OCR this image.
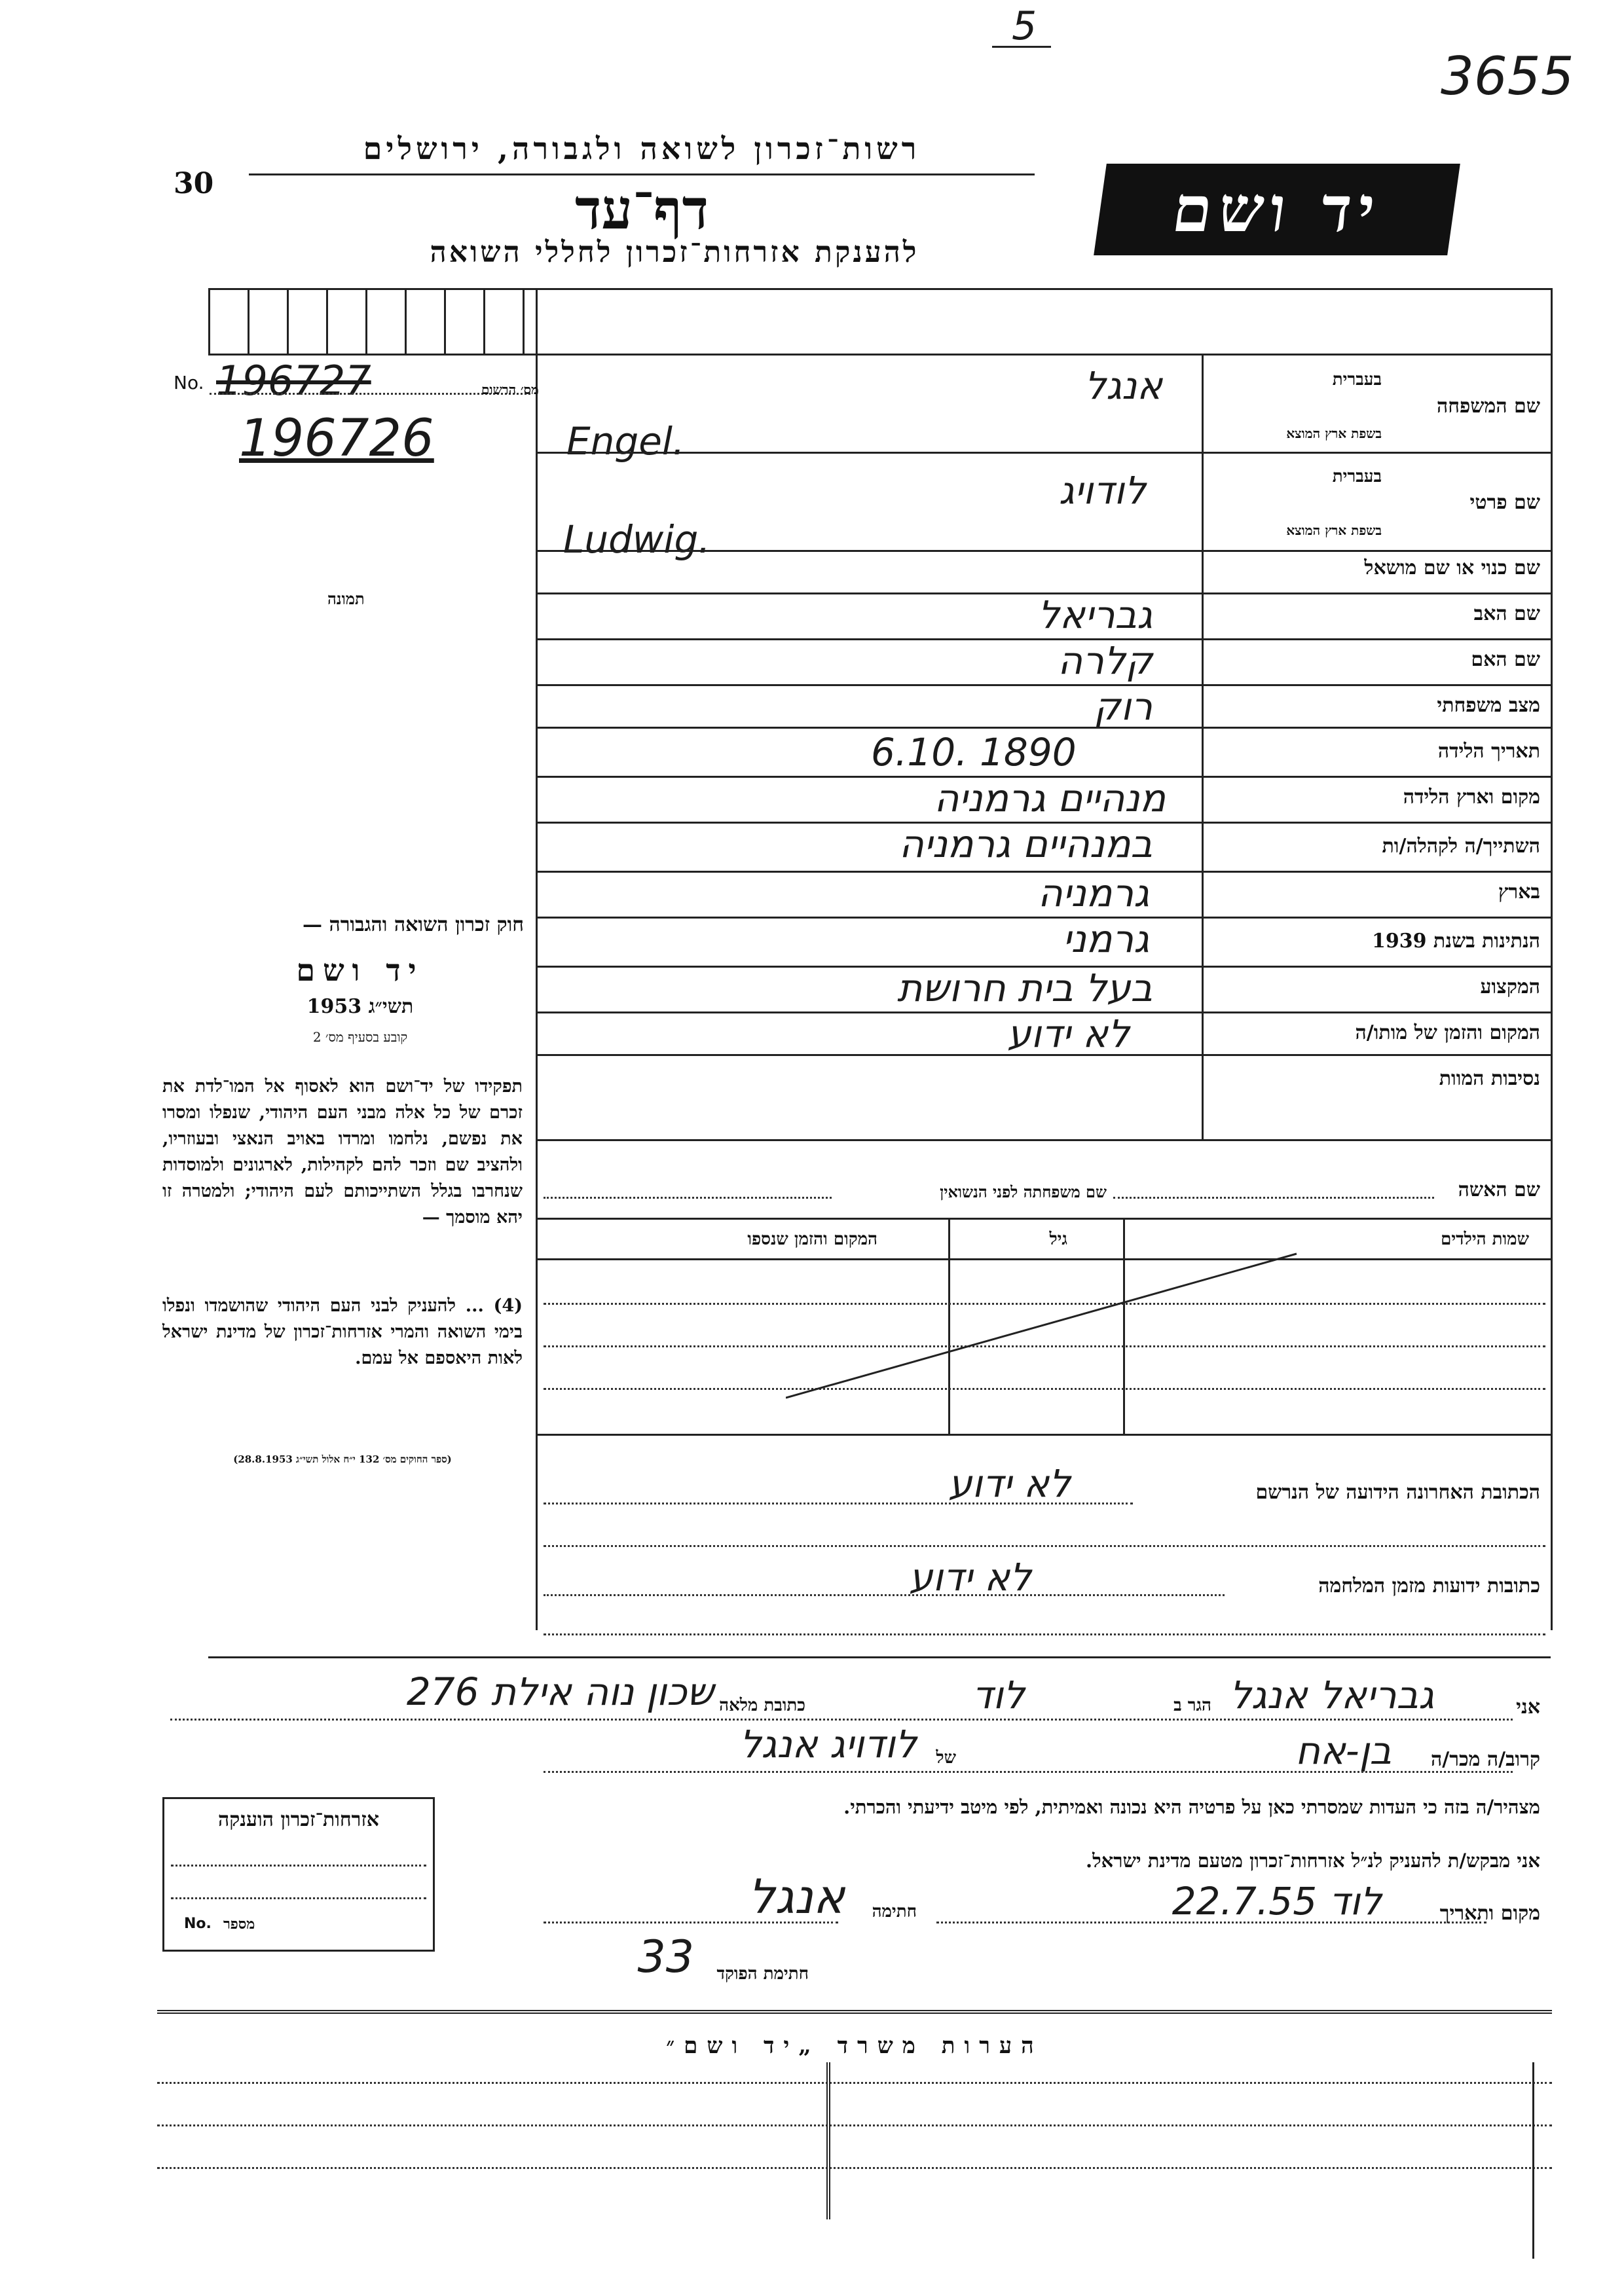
5
3655
רשות־זכרון לשואה ולגבורה, ירושלים
30	דף־עד
להענקת אזרחות־זכרון לחללי השואה
יד ושם
No. 196727	מס׳ הרשום
196726
תמונה
שם המשפחה
בעברית
בשפת ארץ המוצא
אנגל
Engel.
שם פרטי
בעברית
בשפת ארץ המוצא
לודויג
Ludwig.
שם כנוי או שם מושאל
שם האב
גבריאל
שם האם
קלרה
מצב משפחתי
רוק
תאריך הלידה
6.10. 1890
מקום וארץ הלידה
מנהיים גרמניה
השתייך/ה לקהלה/ות
במנהיים גרמניה
בארץ
גרמניה
הנתינות בשנת 1939
גרמני
המקצוע
בעל בית חרושת
המקום והזמן של מותו/ה
לא ידוע
נסיבות המוות
חוק זכרון השואה והגבורה —
יד ושם
תשי״ג 1953
קובע בסעיף מס׳ 2
תפקידו של יד־ושם הוא לאסוף אל המו־לדת את זכרם של כל אלה מבני העם היהודי, שנפלו ומסרו את נפשם, נלחמו ומרדו באויב הנאצי ובעוזריו, ולהציב שם וזכר להם לקהילות, לארגונים ולמוסדות שנחרבו בגלל השתייכותם לעם היהודי; ולמטרה זו יהא מוסמך —
(4) ... להעניק לבני העם היהודי שהושמדו ונפלו בימי השואה והמרי אזרחות־זכרון של מדינת ישראל לאות היאספם אל עמם.
(ספר החוקים מס׳ 132 י״ח אלול תשי״ג 28.8.1953)
שם האשה
שם משפחתה לפני הנשואין
שמות הילדים
גיל
המקום והזמן שנספו
הכתובת האחרונה הידועה של הנרשם
לא ידוע
כתובות ידועות מזמן המלחמה
לא ידוע
אני
גבריאל אנגל
הגר ב
לוד
כתובת מלאה
שכון נוה אילת 276
קרוב/ה מכר/ה
בן-אח
של
לודויג אנגל
מצהיר/ה בזה כי העדות שמסרתי כאן על פרטיה היא נכונה ואמיתית, לפי מיטב ידיעתי והכרתי.
אני מבקש/ת להעניק לנ״ל אזרחות־זכרון מטעם מדינת ישראל.
מקום ותאריך
לוד 22.7.55
חתימה
אנגל
חתימת הפוקד
33
אזרחות־זכרון הוענקה
No. מספר
הערות משרד „יד ושם״
